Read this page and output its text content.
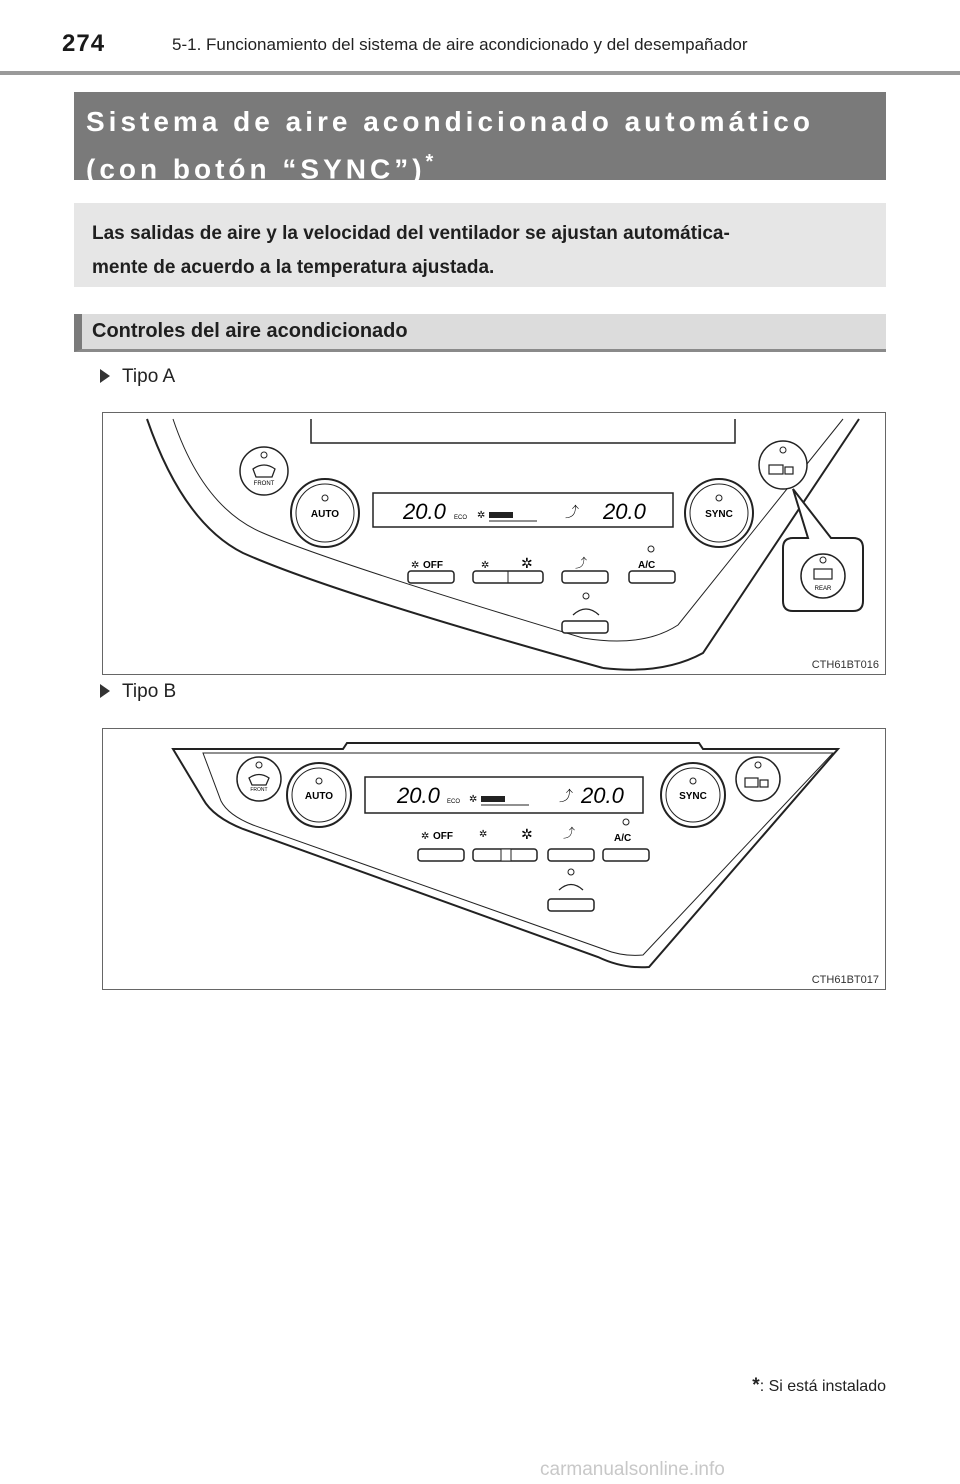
274	5-1. Funcionamiento del sistema de aire acondicionado y del desempañador
Sistema de aire acondicionado automático
(con botón “SYNC”)*
Las salidas de aire y la velocidad del ventilador se ajustan automática-
mente de acuerdo a la temperatura ajustada.
Controles del aire acondicionado
Tipo A
FRONT
AUTO	20.0 ECO ✲	⤴ 20.0	SYNC
REAR
✲ OFF	✲ ✲	⤴	A/C
CTH61BT016
Tipo B
FRONT
AUTO	20.0 ECO ✲	⤴ 20.0	SYNC
✲ OFF	✲ ✲	⤴	A/C
CTH61BT017
*: Si está instalado
carmanualsonline.info
